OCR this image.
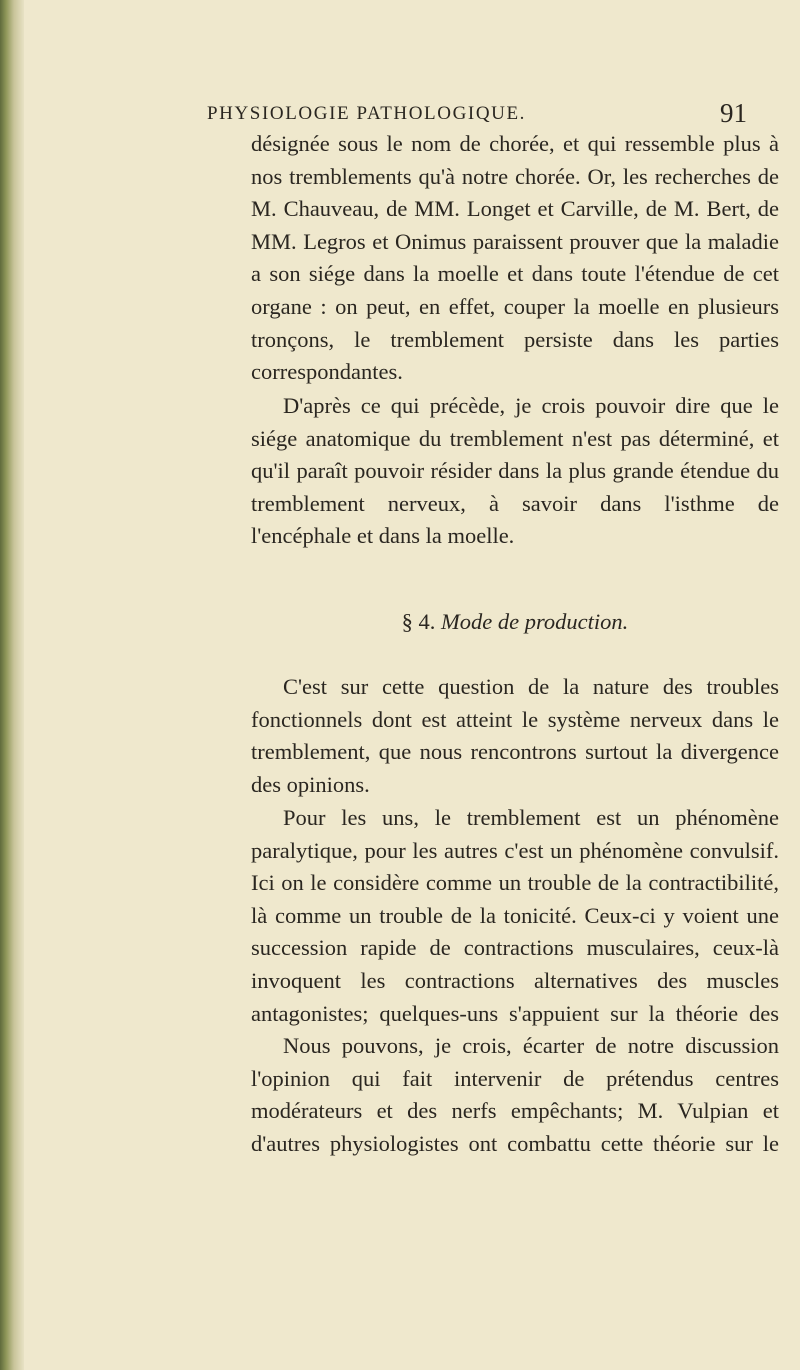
PHYSIOLOGIE PATHOLOGIQUE.	91

désignée sous le nom de chorée, et qui ressemble plus à nos tremblements qu'à notre chorée. Or, les recherches de M. Chauveau, de MM. Longet et Carville, de M. Bert, de MM. Legros et Onimus paraissent prouver que la maladie a son siége dans la moelle et dans toute l'étendue de cet organe : on peut, en effet, couper la moelle en plusieurs tronçons, le tremblement persiste dans les parties correspondantes.

D'après ce qui précède, je crois pouvoir dire que le siége anatomique du tremblement n'est pas déterminé, et qu'il paraît pouvoir résider dans la plus grande étendue du tremblement nerveux, à savoir dans l'isthme de l'encéphale et dans la moelle.

§ 4. Mode de production.

C'est sur cette question de la nature des troubles fonctionnels dont est atteint le système nerveux dans le tremblement, que nous rencontrons surtout la divergence des opinions.

Pour les uns, le tremblement est un phénomène paralytique, pour les autres c'est un phénomène convulsif. Ici on le considère comme un trouble de la contractibilité, là comme un trouble de la tonicité. Ceux-ci y voient une succession rapide de contractions musculaires, ceux-là invoquent les contractions alternatives des muscles antagonistes; quelques-uns s'appuient sur la théorie des

Nous pouvons, je crois, écarter de notre discussion l'opinion qui fait intervenir de prétendus centres modérateurs et des nerfs empêchants; M. Vulpian et d'autres physiologistes ont combattu cette théorie sur le
